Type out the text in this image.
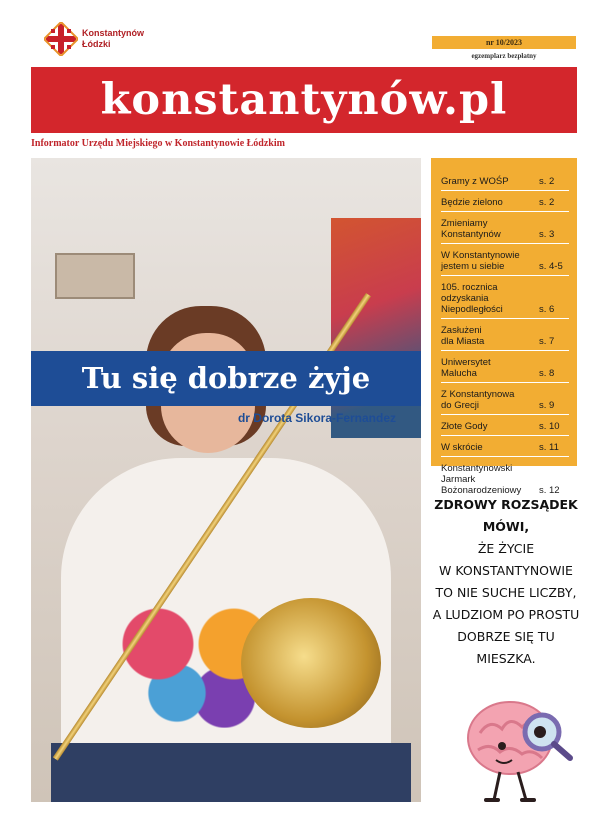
Konstantynów
Łódzki	nr 10/2023
egzemplarz bezpłatny
konstantynów.pl
Informator Urzędu Miejskiego w Konstantynowie Łódzkim
Tu się dobrze żyje
dr Dorota Sikora-Fernandez
Gramy z WOŚP	s. 2
Będzie zielono	s. 2
Zmieniamy
Konstantynów	s. 3
W Konstantynowie
jestem u siebie	s. 4-5
105. rocznica odzyskania
Niepodległości	s. 6
Zasłużeni
dla Miasta	s. 7
Uniwersytet
Malucha	s. 8
Z Konstantynowa
do Grecji	s. 9
Złote Gody	s. 10
W skrócie	s. 11
Konstantynowski Jarmark
Bożonarodzeniowy	s. 12
ZDROWY ROZSĄDEK
MÓWI,
ŻE ŻYCIE
W KONSTANTYNOWIE
TO NIE SUCHE LICZBY,
A LUDZIOM PO PROSTU
DOBRZE SIĘ TU MIESZKA.
